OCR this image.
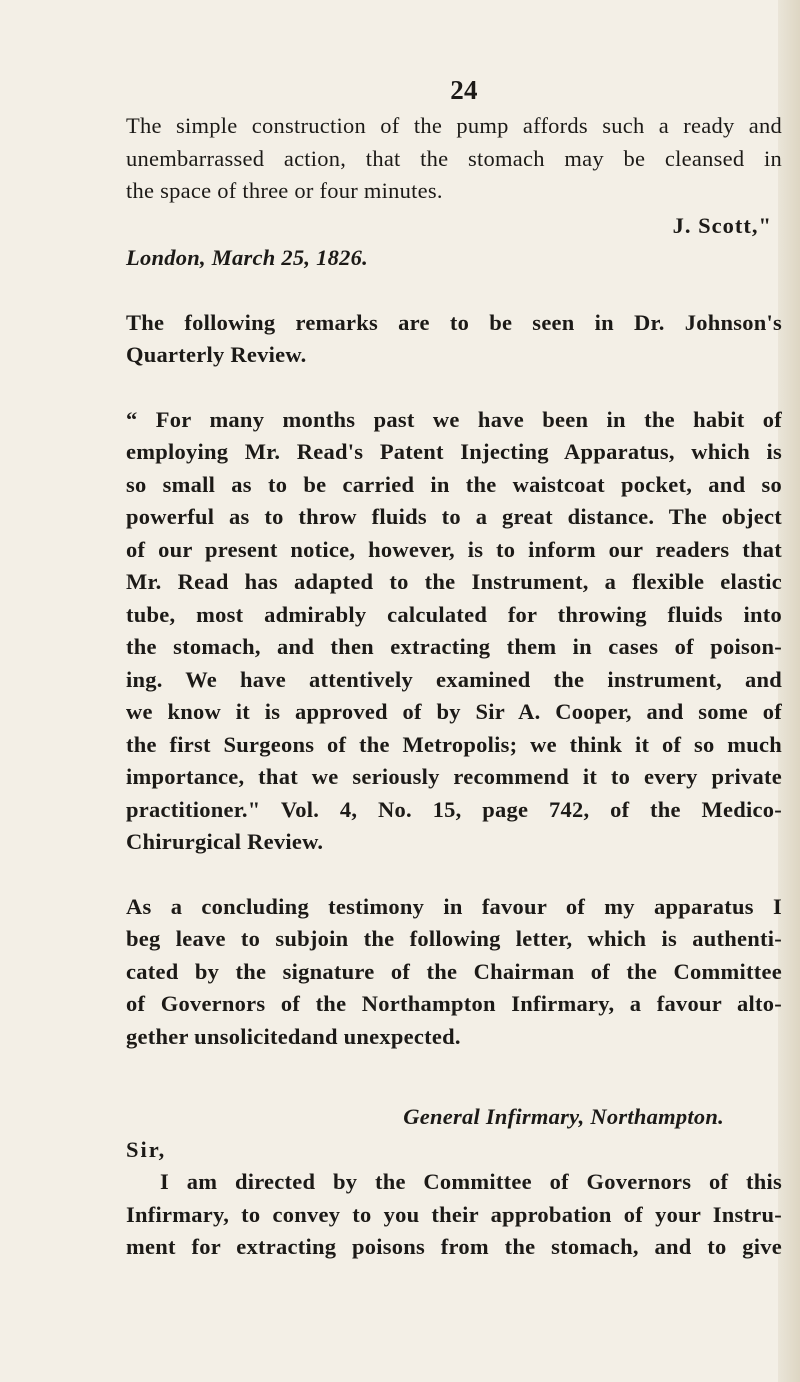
24
The simple construction of the pump affords such a ready and
unembarrassed action, that the stomach may be cleansed in
the space of three or four minutes.
J. Scott,"
London, March 25, 1826.
The following remarks are to be seen in Dr. Johnson's
Quarterly Review.
“ For many months past we have been in the habit of
employing Mr. Read's Patent Injecting Apparatus, which is
so small as to be carried in the waistcoat pocket, and so
powerful as to throw fluids to a great distance. The object
of our present notice, however, is to inform our readers that
Mr. Read has adapted to the Instrument, a flexible elastic
tube, most admirably calculated for throwing fluids into
the stomach, and then extracting them in cases of poison-
ing. We have attentively examined the instrument, and
we know it is approved of by Sir A. Cooper, and some of
the first Surgeons of the Metropolis; we think it of so much
importance, that we seriously recommend it to every private
practitioner." Vol. 4, No. 15, page 742, of the Medico-
Chirurgical Review.
As a concluding testimony in favour of my apparatus I
beg leave to subjoin the following letter, which is authenti-
cated by the signature of the Chairman of the Committee
of Governors of the Northampton Infirmary, a favour alto-
gether unsolicitedand unexpected.
General Infirmary, Northampton.
Sir,
I am directed by the Committee of Governors of this
Infirmary, to convey to you their approbation of your Instru-
ment for extracting poisons from the stomach, and to give
